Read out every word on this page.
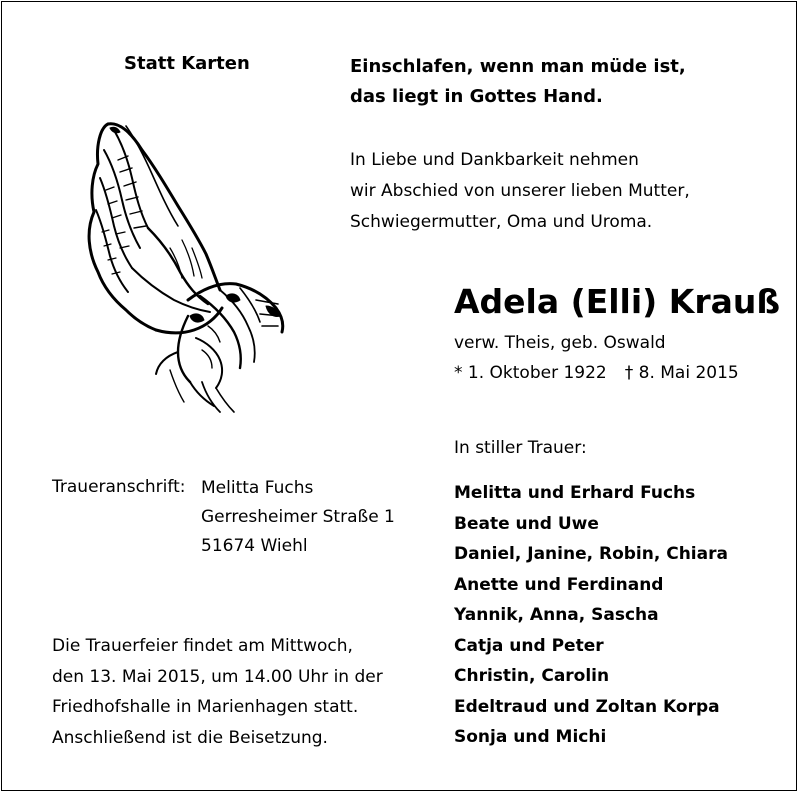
Statt Karten	Einschlafen, wenn man müde ist,
das liegt in Gottes Hand.
In Liebe und Dankbarkeit nehmen
wir Abschied von unserer lieben Mutter,
Schwiegermutter, Oma und Uroma.
Adela (Elli) Krauß
verw. Theis, geb. Oswald
* 1. Oktober 1922 † 8. Mai 2015
Traueranschrift: Melitta Fuchs
Gerresheimer Straße 1
51674 Wiehl
Die Trauerfeier findet am Mittwoch,
den 13. Mai 2015, um 14.00 Uhr in der
Friedhofshalle in Marienhagen statt.
Anschließend ist die Beisetzung.
In stiller Trauer:
Melitta und Erhard Fuchs
Beate und Uwe
Daniel, Janine, Robin, Chiara
Anette und Ferdinand
Yannik, Anna, Sascha
Catja und Peter
Christin, Carolin
Edeltraud und Zoltan Korpa
Sonja und Michi
